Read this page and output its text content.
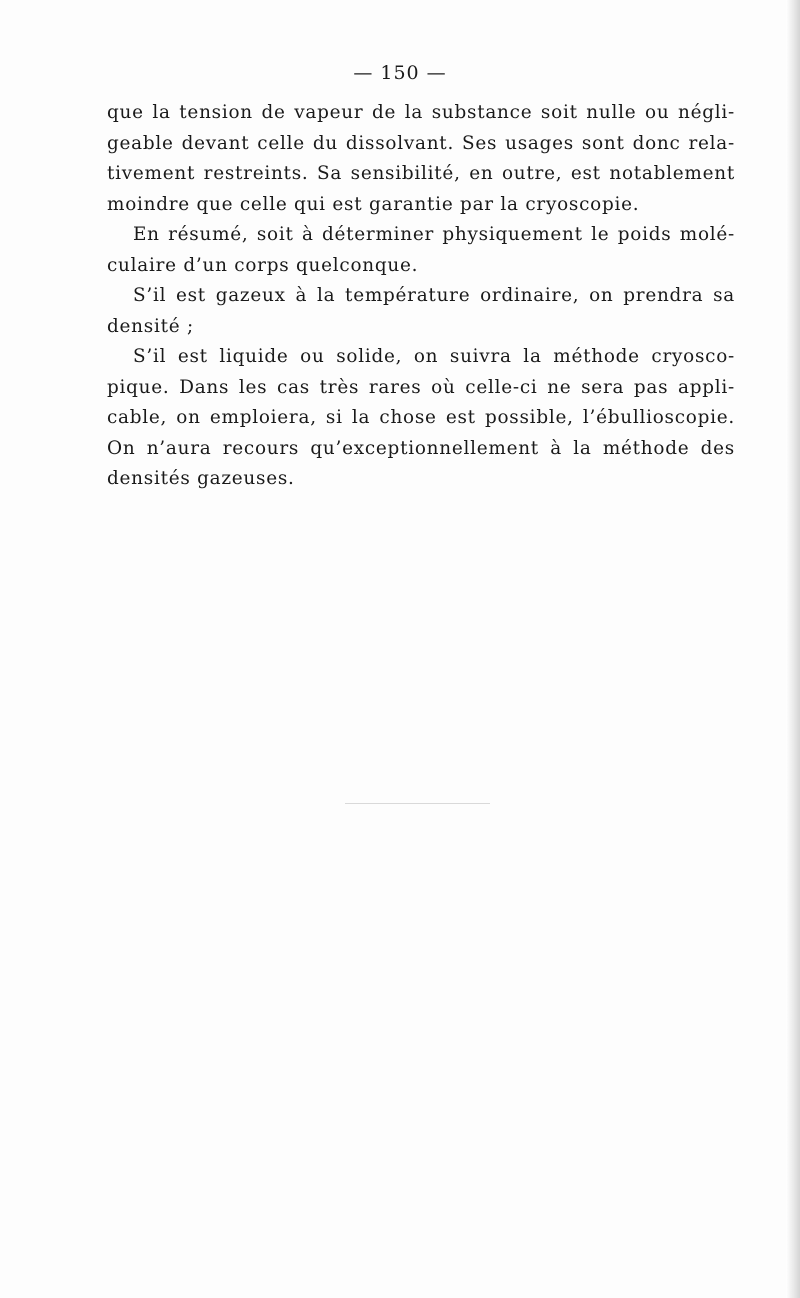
— 150 —

que la tension de vapeur de la substance soit nulle ou négli-
geable devant celle du dissolvant. Ses usages sont donc rela-
tivement restreints. Sa sensibilité, en outre, est notablement
moindre que celle qui est garantie par la cryoscopie.

En résumé, soit à déterminer physiquement le poids molé-
culaire d’un corps quelconque.

S’il est gazeux à la température ordinaire, on prendra sa
densité ;

S’il est liquide ou solide, on suivra la méthode cryosco-
pique. Dans les cas très rares où celle-ci ne sera pas appli-
cable, on emploiera, si la chose est possible, l’ébullioscopie.
On n’aura recours qu’exceptionnellement à la méthode des
densités gazeuses.
